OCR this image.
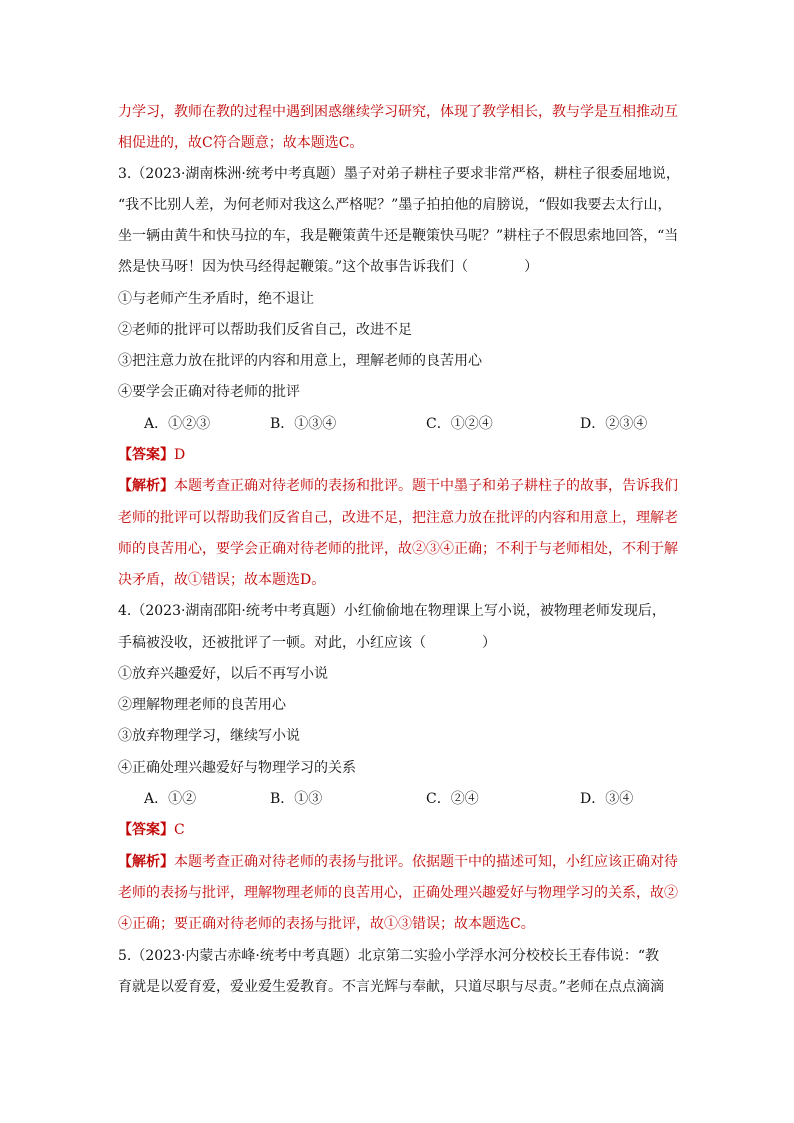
力学习，教师在教的过程中遇到困惑继续学习研究，体现了教学相长，教与学是互相推动互
相促进的，故C符合题意；故本题选C。
3.（2023·湖南株洲·统考中考真题）墨子对弟子耕柱子要求非常严格，耕柱子很委屈地说，
“我不比别人差，为何老师对我这么严格呢？”墨子拍拍他的肩膀说，“假如我要去太行山，
坐一辆由黄牛和快马拉的车，我是鞭策黄牛还是鞭策快马呢？”耕柱子不假思索地回答，“当
然是快马呀！因为快马经得起鞭策。”这个故事告诉我们（　　　　）
①与老师产生矛盾时，绝不退让
②老师的批评可以帮助我们反省自己，改进不足
③把注意力放在批评的内容和用意上，理解老师的良苦用心
④要学会正确对待老师的批评
A．①②③	B．①③④	C．①②④	D．②③④
【答案】D
【解析】本题考查正确对待老师的表扬和批评。题干中墨子和弟子耕柱子的故事，告诉我们
老师的批评可以帮助我们反省自己，改进不足，把注意力放在批评的内容和用意上，理解老
师的良苦用心，要学会正确对待老师的批评，故②③④正确；不利于与老师相处，不利于解
决矛盾，故①错误；故本题选D。
4.（2023·湖南邵阳·统考中考真题）小红偷偷地在物理课上写小说，被物理老师发现后，
手稿被没收，还被批评了一顿。对此，小红应该（　　　　）
①放弃兴趣爱好，以后不再写小说
②理解物理老师的良苦用心
③放弃物理学习，继续写小说
④正确处理兴趣爱好与物理学习的关系
A．①②	B．①③	C．②④	D．③④
【答案】C
【解析】本题考查正确对待老师的表扬与批评。依据题干中的描述可知，小红应该正确对待
老师的表扬与批评，理解物理老师的良苦用心，正确处理兴趣爱好与物理学习的关系，故②
④正确；要正确对待老师的表扬与批评，故①③错误；故本题选C。
5.（2023·内蒙古赤峰·统考中考真题）北京第二实验小学浮水河分校校长王春伟说：“教
育就是以爱育爱，爱业爱生爱教育。不言光辉与奉献，只道尽职与尽责。”老师在点点滴滴
